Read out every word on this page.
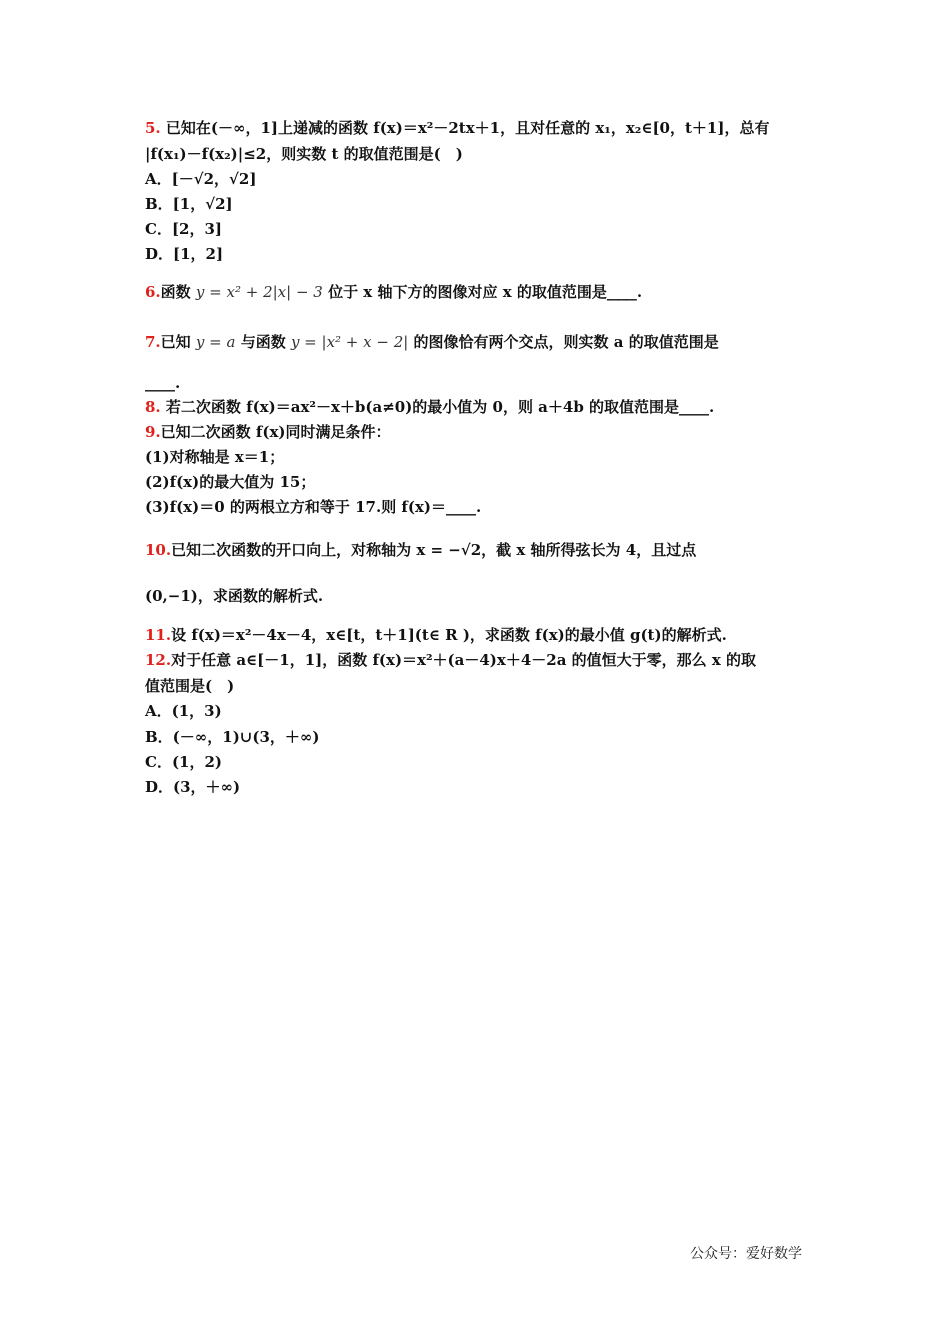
5. 已知在(－∞，1]上递减的函数 f(x)＝x²－2tx＋1，且对任意的 x₁，x₂∈[0，t＋1]，总有
|f(x₁)－f(x₂)|≤2，则实数 t 的取值范围是(　)
A．[－√2，√2]
B．[1，√2]
C．[2，3]
D．[1，2]
6.函数 y = x² + 2|x| − 3 位于 x 轴下方的图像对应 x 的取值范围是____.
7.已知 y = a 与函数 y = |x² + x − 2| 的图像恰有两个交点，则实数 a 的取值范围是
____.
8. 若二次函数 f(x)＝ax²－x＋b(a≠0)的最小值为 0，则 a＋4b 的取值范围是____.
9.已知二次函数 f(x)同时满足条件：
(1)对称轴是 x＝1；
(2)f(x)的最大值为 15；
(3)f(x)＝0 的两根立方和等于 17.则 f(x)＝____.
10.已知二次函数的开口向上，对称轴为 x = −√2，截 x 轴所得弦长为 4，且过点
(0,−1)，求函数的解析式.
11.设 f(x)＝x²－4x－4，x∈[t，t＋1](t∈ R )，求函数 f(x)的最小值 g(t)的解析式.
12.对于任意 a∈[－1，1]，函数 f(x)＝x²＋(a－4)x＋4－2a 的值恒大于零，那么 x 的取
值范围是(　)
A．(1，3)
B．(－∞，1)∪(3，＋∞)
C．(1，2)
D．(3，＋∞)
公众号：爱好数学
